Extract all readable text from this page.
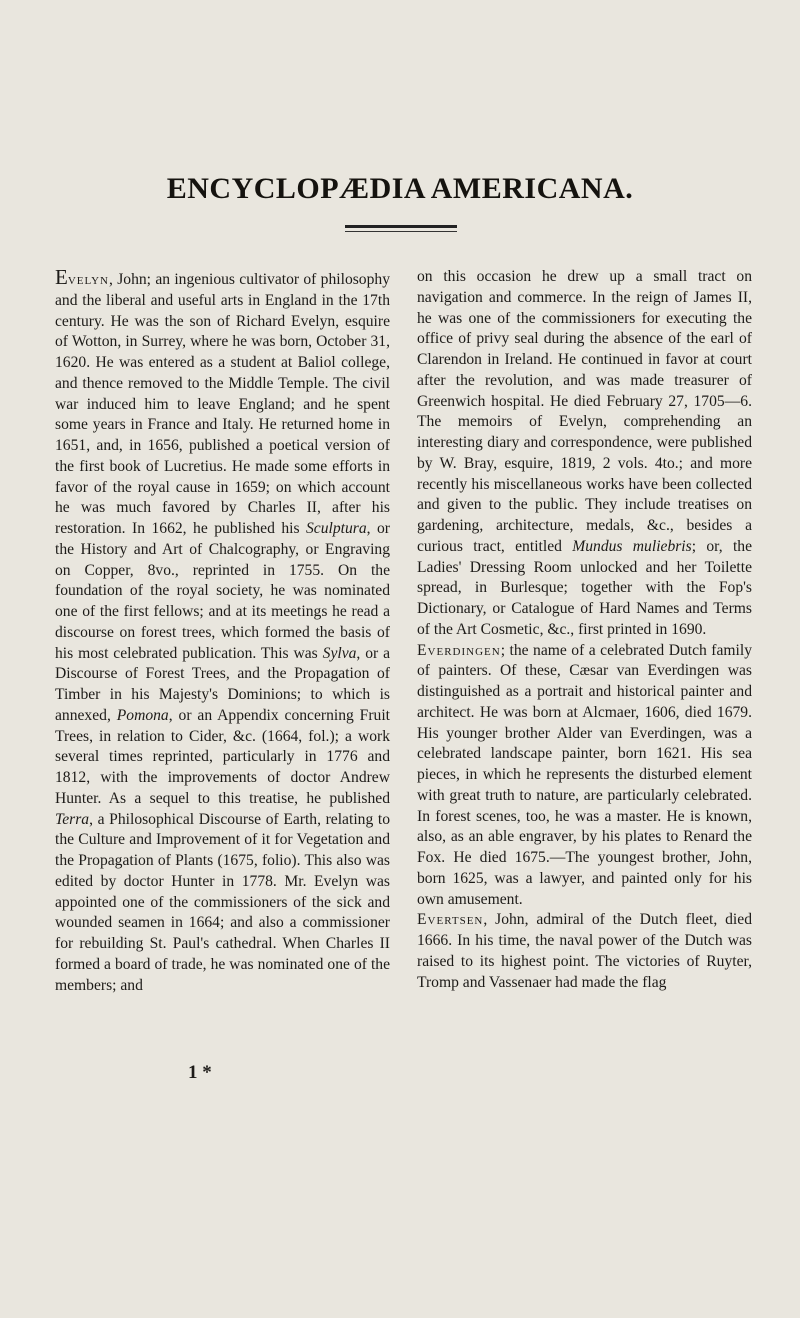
ENCYCLOPÆDIA AMERICANA.

Evelyn, John; an ingenious cultivator of philosophy and the liberal and useful arts in England in the 17th century. He was the son of Richard Evelyn, esquire of Wotton, in Surrey, where he was born, October 31, 1620. He was entered as a student at Baliol college, and thence removed to the Middle Temple. The civil war induced him to leave England; and he spent some years in France and Italy. He returned home in 1651, and, in 1656, published a poetical version of the first book of Lucretius. He made some efforts in favor of the royal cause in 1659; on which account he was much favored by Charles II, after his restoration. In 1662, he published his Sculptura, or the History and Art of Chalcography, or Engraving on Copper, 8vo., reprinted in 1755. On the foundation of the royal society, he was nominated one of the first fellows; and at its meetings he read a discourse on forest trees, which formed the basis of his most celebrated publication. This was Sylva, or a Discourse of Forest Trees, and the Propagation of Timber in his Majesty's Dominions; to which is annexed, Pomona, or an Appendix concerning Fruit Trees, in relation to Cider, &c. (1664, fol.); a work several times reprinted, particularly in 1776 and 1812, with the improvements of doctor Andrew Hunter. As a sequel to this treatise, he published Terra, a Philosophical Discourse of Earth, relating to the Culture and Improvement of it for Vegetation and the Propagation of Plants (1675, folio). This also was edited by doctor Hunter in 1778. Mr. Evelyn was appointed one of the commissioners of the sick and wounded seamen in 1664; and also a commissioner for rebuilding St. Paul's cathedral. When Charles II formed a board of trade, he was nominated one of the members; and

on this occasion he drew up a small tract on navigation and commerce. In the reign of James II, he was one of the commissioners for executing the office of privy seal during the absence of the earl of Clarendon in Ireland. He continued in favor at court after the revolution, and was made treasurer of Greenwich hospital. He died February 27, 1705—6. The memoirs of Evelyn, comprehending an interesting diary and correspondence, were published by W. Bray, esquire, 1819, 2 vols. 4to.; and more recently his miscellaneous works have been collected and given to the public. They include treatises on gardening, architecture, medals, &c., besides a curious tract, entitled Mundus muliebris; or, the Ladies' Dressing Room unlocked and her Toilette spread, in Burlesque; together with the Fop's Dictionary, or Catalogue of Hard Names and Terms of the Art Cosmetic, &c., first printed in 1690.

Everdingen; the name of a celebrated Dutch family of painters. Of these, Cæsar van Everdingen was distinguished as a portrait and historical painter and architect. He was born at Alcmaer, 1606, died 1679. His younger brother Alder van Everdingen, was a celebrated landscape painter, born 1621. His sea pieces, in which he represents the disturbed element with great truth to nature, are particularly celebrated. In forest scenes, too, he was a master. He is known, also, as an able engraver, by his plates to Renard the Fox. He died 1675.—The youngest brother, John, born 1625, was a lawyer, and painted only for his own amusement.

Evertsen, John, admiral of the Dutch fleet, died 1666. In his time, the naval power of the Dutch was raised to its highest point. The victories of Ruyter, Tromp and Vassenaer had made the flag

1 *
